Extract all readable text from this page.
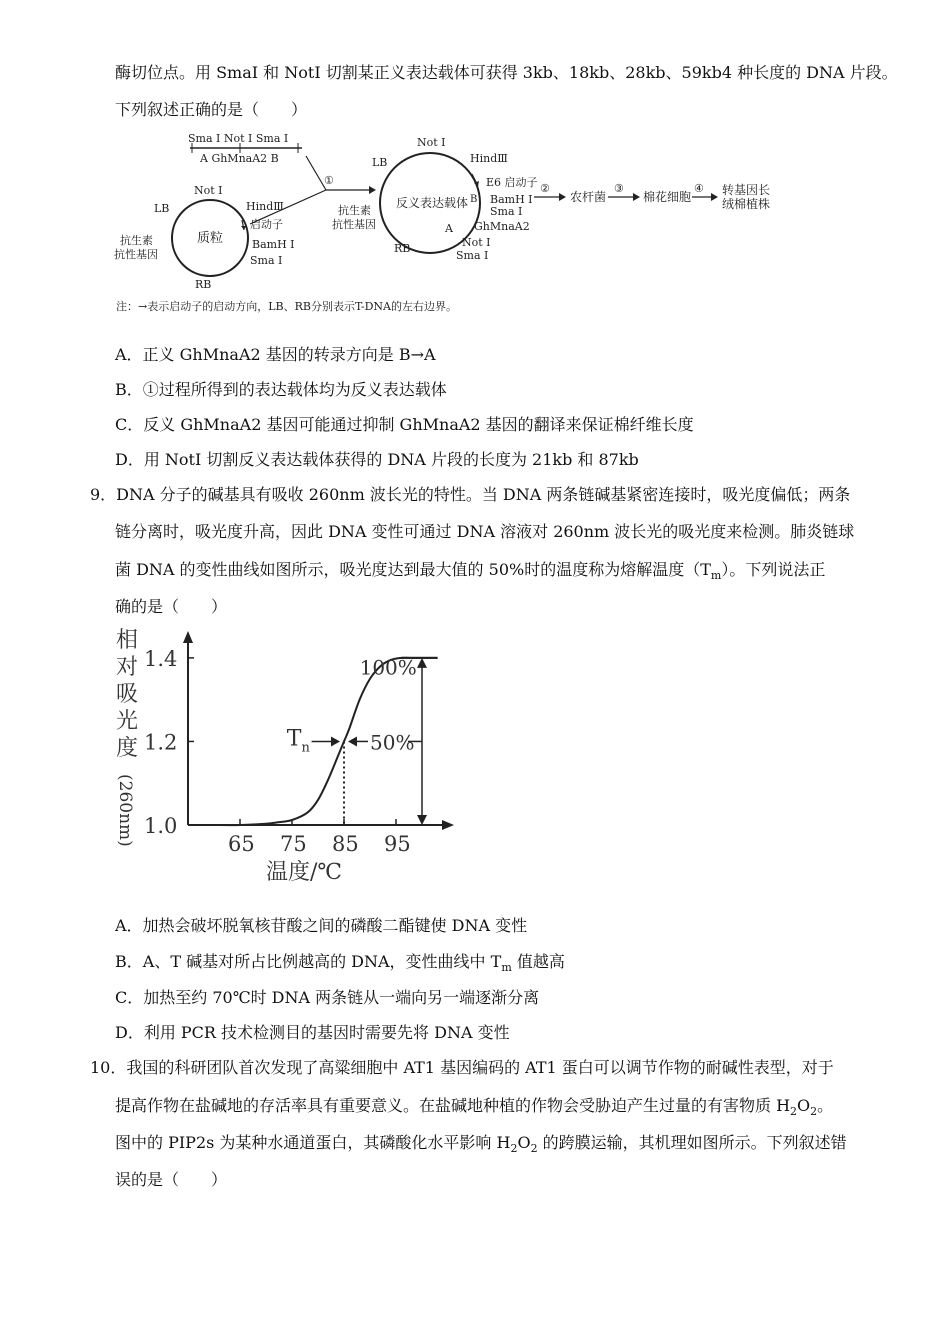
酶切位点。用 SmaI 和 NotI 切割某正义表达载体可获得 3kb、18kb、28kb、59kb4 种长度的 DNA 片段。
下列叙述正确的是（　　）
Sma I Not I Sma I
A GhMnaA2 B
质粒
Not I
LB	HindⅢ
启动子
BamH I
Sma I
RB
抗生素
抗性基因
①
反义表达载体
Not I
LB	HindⅢ
E6 启动子
B BamH I
Sma I
A GhMnaA2
Not I
Sma I
RB
抗生素
抗性基因
②
农杆菌
③
棉花细胞
④ 转基因长
绒棉植株
注：→表示启动子的启动方向，LB、RB分别表示T-DNA的左右边界。
A．正义 GhMnaA2 基因的转录方向是 B→A
B．①过程所得到的表达载体均为反义表达载体
C．反义 GhMnaA2 基因可能通过抑制 GhMnaA2 基因的翻译来保证棉纤维长度
D．用 NotI 切割反义表达载体获得的 DNA 片段的长度为 21kb 和 87kb
9．DNA 分子的碱基具有吸收 260nm 波长光的特性。当 DNA 两条链碱基紧密连接时，吸光度偏低；两条
链分离时，吸光度升高，因此 DNA 变性可通过 DNA 溶液对 260nm 波长光的吸光度来检测。肺炎链球
菌 DNA 的变性曲线如图所示，吸光度达到最大值的 50%时的温度称为熔解温度$(T_m)$。下列说法正
确的是（　　）
相对吸光度
65 75 85 95
1.0
1.2
1.4	100%
50%
$T_n$
温度/℃
(260nm)
A．加热会破坏脱氧核苷酸之间的磷酸二酯键使 DNA 变性
B．A、T 碱基对所占比例越高的 DNA，变性曲线中 $T_m$ 值越高
C．加热至约 70℃时 DNA 两条链从一端向另一端逐渐分离
D．利用 PCR 技术检测目的基因时需要先将 DNA 变性
10．我国的科研团队首次发现了高粱细胞中 AT1 基因编码的 AT1 蛋白可以调节作物的耐碱性表型，对于
提高作物在盐碱地的存活率具有重要意义。在盐碱地种植的作物会受胁迫产生过量的有害物质 $H_2O_2$。
图中的 PIP2s 为某种水通道蛋白，其磷酸化水平影响 $H_2O_2$ 的跨膜运输，其机理如图所示。下列叙述错
误的是（　　）
